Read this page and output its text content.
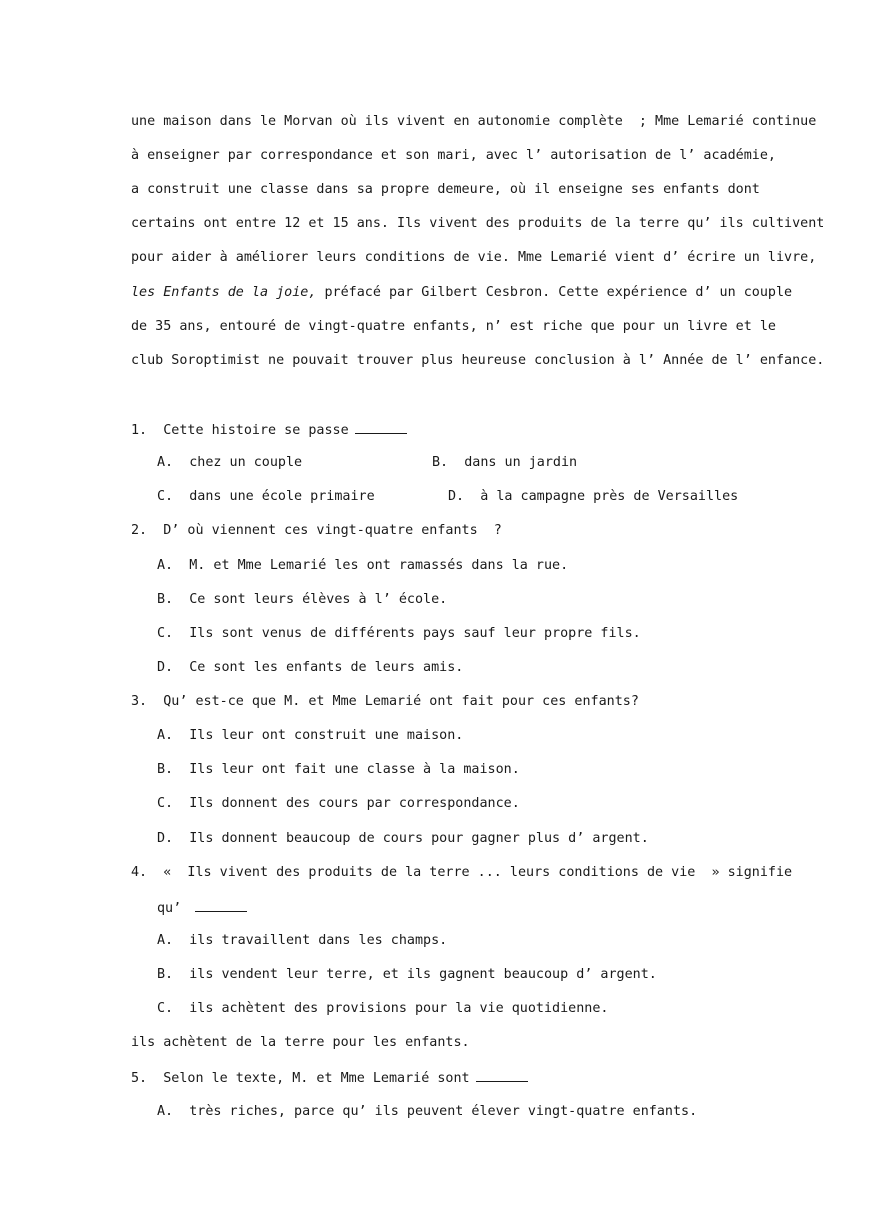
une maison dans le Morvan où ils vivent en autonomie complète  ; Mme Lemarié continue
à enseigner par correspondance et son mari, avec l’ autorisation de l’ académie,
a construit une classe dans sa propre demeure, où il enseigne ses enfants dont
certains ont entre 12 et 15 ans. Ils vivent des produits de la terre qu’ ils cultivent
pour aider à améliorer leurs conditions de vie. Mme Lemarié vient d’ écrire un livre,
les Enfants de la joie, préfacé par Gilbert Cesbron. Cette expérience d’ un couple
de 35 ans, entouré de vingt-quatre enfants, n’ est riche que pour un livre et le
club Soroptimist ne pouvait trouver plus heureuse conclusion à l’ Année de l’ enfance.
1.  Cette histoire se passe
A.  chez un couple	B.  dans un jardin
C.  dans une école primaire	D.  à la campagne près de Versailles
2.  D’ où viennent ces vingt-quatre enfants  ?
A.  M. et Mme Lemarié les ont ramassés dans la rue.
B.  Ce sont leurs élèves à l’ école.
C.  Ils sont venus de différents pays sauf leur propre fils.
D.  Ce sont les enfants de leurs amis.
3.  Qu’ est-ce que M. et Mme Lemarié ont fait pour ces enfants?
A.  Ils leur ont construit une maison.
B.  Ils leur ont fait une classe à la maison.
C.  Ils donnent des cours par correspondance.
D.  Ils donnent beaucoup de cours pour gagner plus d’ argent.
4.  «  Ils vivent des produits de la terre ... leurs conditions de vie  » signifie
qu’
A.  ils travaillent dans les champs.
B.  ils vendent leur terre, et ils gagnent beaucoup d’ argent.
C.  ils achètent des provisions pour la vie quotidienne.
ils achètent de la terre pour les enfants.
5.  Selon le texte, M. et Mme Lemarié sont
A.  très riches, parce qu’ ils peuvent élever vingt-quatre enfants.
